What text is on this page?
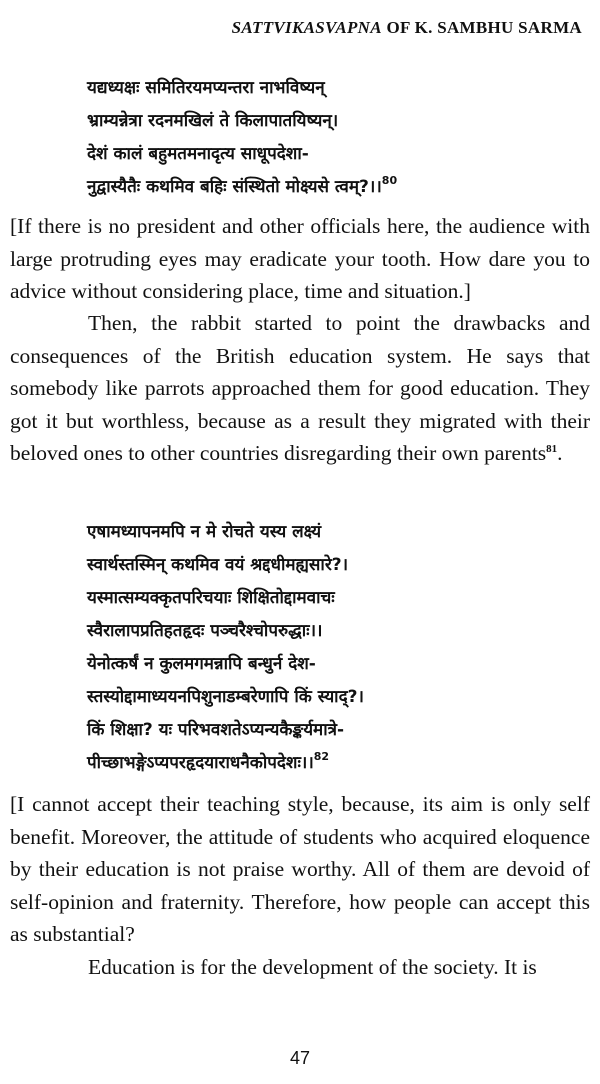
SATTVIKASVAPNA OF K. SAMBHU SARMA
यद्यध्यक्षः समितिरयमप्यन्तरा नाभविष्यन्
भ्राम्यन्नेत्रा रदनमखिलं ते किलापातयिष्यन्।
देशं कालं बहुमतमनादृत्य साधूपदेशा-
नुद्वास्यैतैः कथमिव बहिः संस्थितो मोक्ष्यसे त्वम्?।।$^{80}$
[If there is no president and other officials here, the audience with large protruding eyes may eradicate your tooth. How dare you to advice without considering place, time and situation.]
Then, the rabbit started to point the drawbacks and consequences of the British education system. He says that somebody like parrots approached them for good education. They got it but worthless, because as a result they migrated with their beloved ones to other countries disregarding their own parents$^{81}$.
एषामध्यापनमपि न मे रोचते यस्य लक्ष्यं
स्वार्थस्तस्मिन् कथमिव वयं श्रद्दधीमह्यसारे?।
यस्मात्सम्यक्कृतपरिचयाः शिक्षितोद्दामवाचः
स्वैरालापप्रतिहतहृदः पञ्चरैश्चोपरुद्धाः।।
येनोत्कर्षं न कुलमगमन्नापि बन्धुर्न देश-
स्तस्योद्दामाध्ययनपिशुनाडम्बरेणापि किं स्याद्?।
किं शिक्षा? यः परिभवशतेऽप्यन्यकैङ्कर्यमात्रे-
पीच्छाभङ्गेऽप्यपरहृदयाराधनैकोपदेशः।।$^{82}$
[I cannot accept their teaching style, because, its aim is only self benefit. Moreover, the attitude of students who acquired eloquence by their education is not praise worthy. All of them are devoid of self-opinion and fraternity. Therefore, how people can accept this as substantial?
Education is for the development of the society. It is
47
